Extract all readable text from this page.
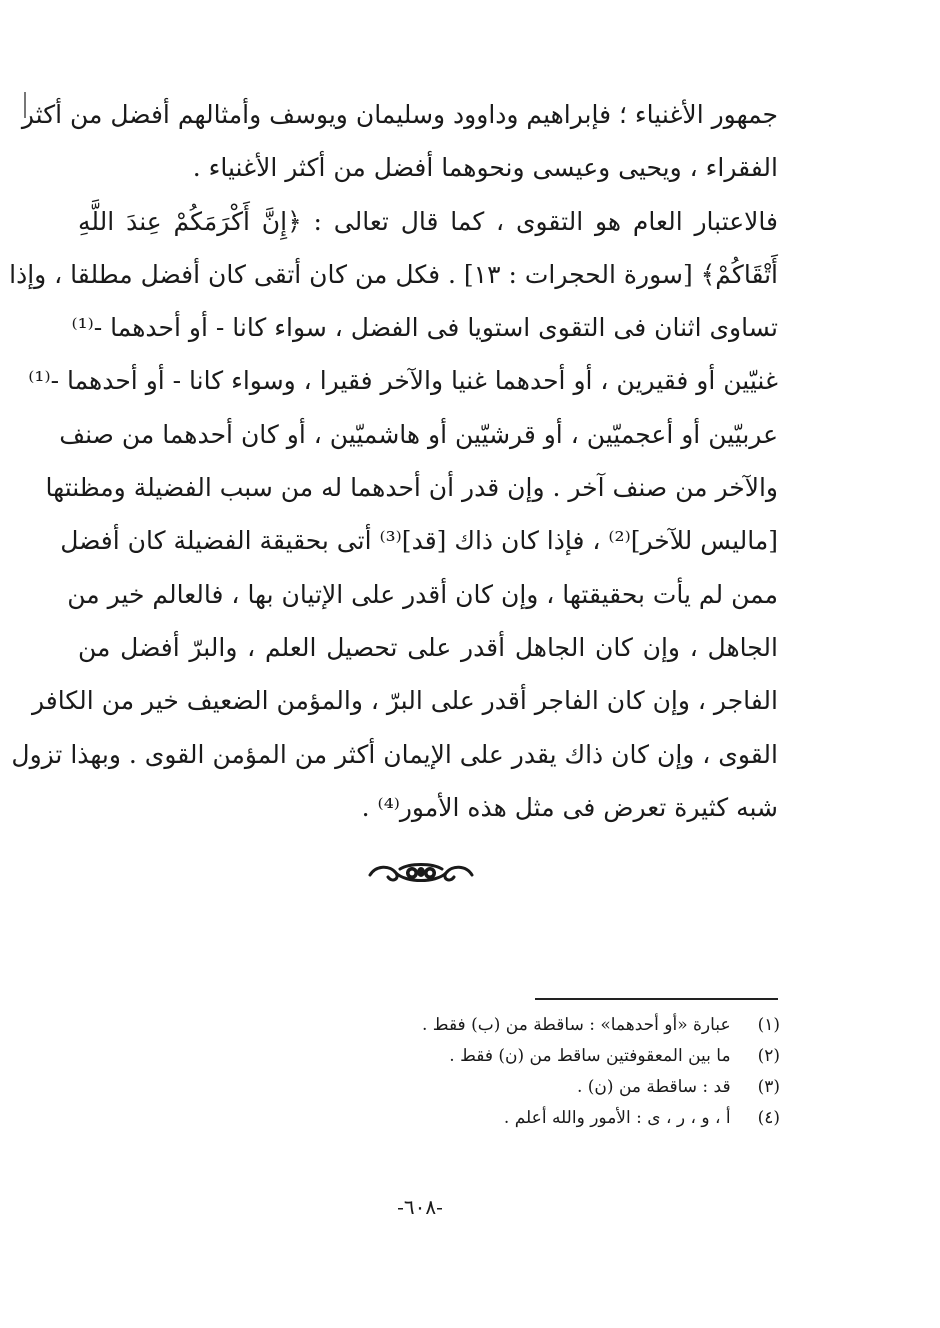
جمهور الأغنياء ؛ فإبراهيم وداوود وسليمان ويوسف وأمثالهم أفضل من أكثر
الفقراء ، ويحيى وعيسى ونحوهما أفضل من أكثر الأغنياء .
فالاعتبار العام هو التقوى ، كما قال تعالى : ﴿إِنَّ أَكْرَمَكُمْ عِندَ اللَّهِ
أَتْقَاكُمْ﴾ [سورة الحجرات : ١٣] . فكل من كان أتقى كان أفضل مطلقا ، وإذا
تساوى اثنان فى التقوى استويا فى الفضل ، سواء كانا - أو أحدهما -⁽¹⁾
غنيّين أو فقيرين ، أو أحدهما غنيا والآخر فقيرا ، وسواء كانا - أو أحدهما -⁽¹⁾
عربيّين أو أعجميّين ، أو قرشيّين أو هاشميّين ، أو كان أحدهما من صنف
والآخر من صنف آخر . وإن قدر أن أحدهما له من سبب الفضيلة ومظنتها
[ماليس للآخر]⁽²⁾ ، فإذا كان ذاك [قد]⁽³⁾ أتى بحقيقة الفضيلة كان أفضل
ممن لم يأت بحقيقتها ، وإن كان أقدر على الإتيان بها ، فالعالم خير من
الجاهل ، وإن كان الجاهل أقدر على تحصيل العلم ، والبرّ أفضل من
الفاجر ، وإن كان الفاجر أقدر على البرّ ، والمؤمن الضعيف خير من الكافر
القوى ، وإن كان ذاك يقدر على الإيمان أكثر من المؤمن القوى . وبهذا تزول
شبه كثيرة تعرض فى مثل هذه الأمور⁽⁴⁾ .
(١) عبارة «أو أحدهما» : ساقطة من (ب) فقط .
(٢) ما بين المعقوفتين ساقط من (ن) فقط .
(٣) قد : ساقطة من (ن) .
(٤) أ ، و ، ر ، ى : الأمور والله أعلم .
-٦٠٨-
